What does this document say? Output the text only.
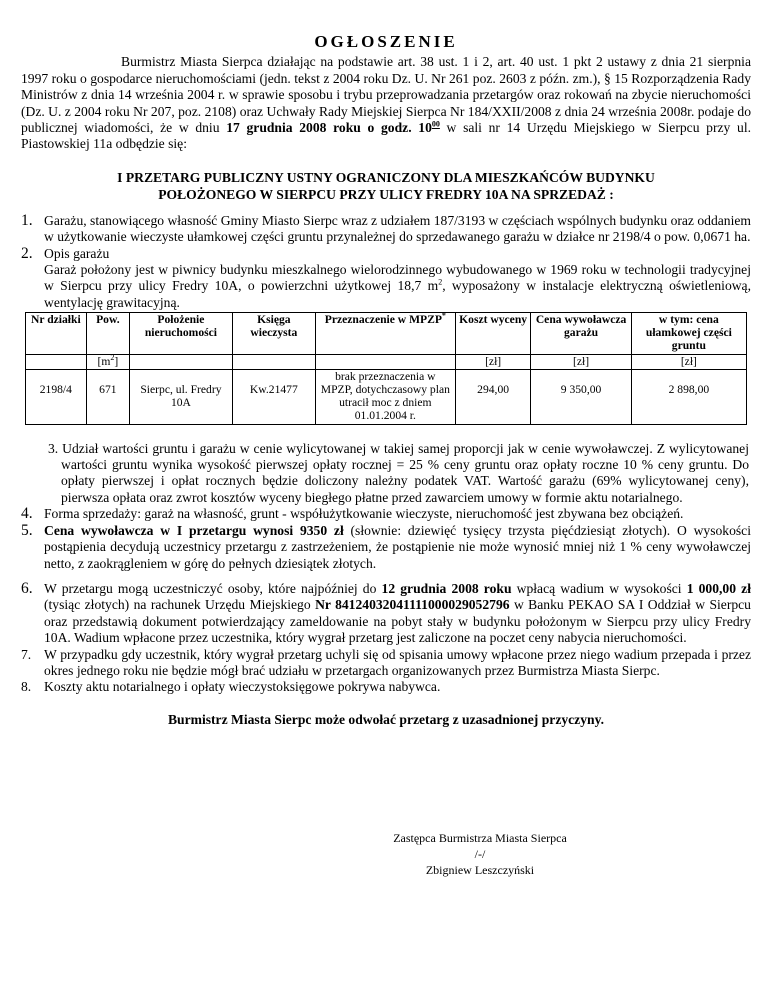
OGŁOSZENIE

Burmistrz Miasta Sierpca działając na podstawie art. 38 ust. 1 i 2, art. 40 ust. 1 pkt 2 ustawy z dnia 21 sierpnia 1997 roku o gospodarce nieruchomościami (jedn. tekst z 2004 roku Dz. U. Nr 261 poz. 2603 z późn. zm.), § 15 Rozporządzenia Rady Ministrów z dnia 14 września 2004 r. w sprawie sposobu i trybu przeprowadzania przetargów oraz rokowań na zbycie nieruchomości (Dz. U. z 2004 roku Nr 207, poz. 2108) oraz Uchwały Rady Miejskiej Sierpca Nr 184/XXII/2008 z dnia 24 września 2008r. podaje do publicznej wiadomości, że w dniu 17 grudnia 2008 roku o godz. $10^{00}$ w sali nr 14 Urzędu Miejskiego w Sierpcu przy ul. Piastowskiej 11a odbędzie się:

I PRZETARG PUBLICZNY USTNY OGRANICZONY DLA MIESZKAŃCÓW BUDYNKU POŁOŻONEGO W SIERPCU PRZY ULICY FREDRY 10A NA SPRZEDAŻ :
1. Garażu, stanowiącego własność Gminy Miasto Sierpc wraz z udziałem 187/3193 w częściach wspólnych budynku oraz oddaniem w użytkowanie wieczyste ułamkowej części gruntu przynależnej do sprzedawanego garażu w działce nr 2198/4 o pow. 0,0671 ha.
2. Opis garażu
Garaż położony jest w piwnicy budynku mieszkalnego wielorodzinnego wybudowanego w 1969 roku w technologii tradycyjnej w Sierpcu przy ulicy Fredry 10A, o powierzchni użytkowej 18,7 $m^2$, wyposażony w instalacje elektryczną oświetleniową, wentylację grawitacyjną.
Nr działki	Pow.	Położenie nieruchomości	Księga wieczysta	Przeznaczenie w MPZP*	Koszt wyceny	Cena wywoławcza garażu	w tym: cena ułamkowej części gruntu
	$[m^2]$				[zł]	[zł]	[zł]
2198/4	671	Sierpc, ul. Fredry 10A	Kw.21477	brak przeznaczenia w MPZP, dotychczasowy plan utracił moc z dniem 01.01.2004 r.	294,00	9 350,00	2 898,00
3. Udział wartości gruntu i garażu w cenie wylicytowanej w takiej samej proporcji jak w cenie wywoławczej. Z wylicytowanej wartości gruntu wynika wysokość pierwszej opłaty rocznej = 25 % ceny gruntu oraz opłaty roczne 10 % ceny gruntu. Do opłaty pierwszej i opłat rocznych będzie doliczony należny podatek VAT. Wartość garażu (69% wylicytowanej ceny), pierwsza opłata oraz zwrot kosztów wyceny biegłego płatne przed zawarciem umowy w formie aktu notarialnego.
4. Forma sprzedaży: garaż na własność, grunt - współużytkowanie wieczyste, nieruchomość jest zbywana bez obciążeń.
5. Cena wywoławcza w I przetargu wynosi 9350 zł (słownie: dziewięć tysięcy trzysta pięćdziesiąt złotych). O wysokości postąpienia decydują uczestnicy przetargu z zastrzeżeniem, że postąpienie nie może wynosić mniej niż 1 % ceny wywoławczej netto, z zaokrągleniem w górę do pełnych dziesiątek złotych.
6. W przetargu mogą uczestniczyć osoby, które najpóźniej do 12 grudnia 2008 roku wpłacą wadium w wysokości 1 000,00 zł (tysiąc złotych) na rachunek Urzędu Miejskiego Nr 84124032041111000029052796 w Banku PEKAO SA I Oddział w Sierpcu oraz przedstawią dokument potwierdzający zameldowanie na pobyt stały w budynku położonym w Sierpcu przy ulicy Fredry 10A. Wadium wpłacone przez uczestnika, który wygrał przetarg jest zaliczone na poczet ceny nabycia nieruchomości.
7. W przypadku gdy uczestnik, który wygrał przetarg uchyli się od spisania umowy wpłacone przez niego wadium przepada i przez okres jednego roku nie będzie mógł brać udziału w przetargach organizowanych przez Burmistrza Miasta Sierpc.
8. Koszty aktu notarialnego i opłaty wieczystoksięgowe pokrywa nabywca.
Burmistrz Miasta Sierpc może odwołać przetarg z uzasadnionej przyczyny.
Zastępca Burmistrza Miasta Sierpca
/-/
Zbigniew Leszczyński
